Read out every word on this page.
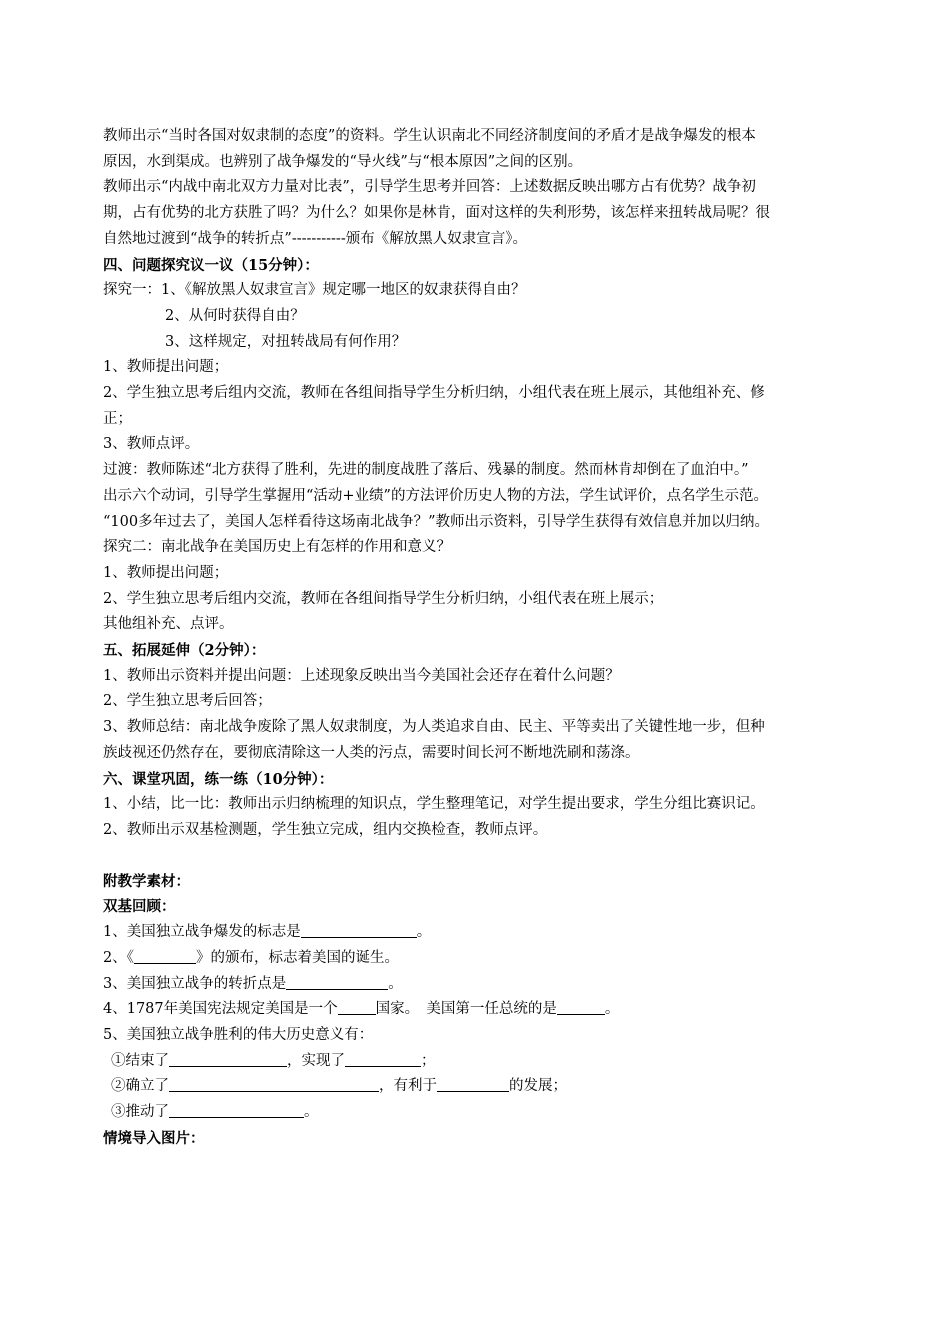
教师出示“当时各国对奴隶制的态度”的资料。学生认识南北不同经济制度间的矛盾才是战争爆发的根本
原因，水到渠成。也辨别了战争爆发的“导火线”与“根本原因”之间的区别。
教师出示“内战中南北双方力量对比表”，引导学生思考并回答：上述数据反映出哪方占有优势？战争初
期，占有优势的北方获胜了吗？为什么？如果你是林肯，面对这样的失利形势，该怎样来扭转战局呢？很
自然地过渡到“战争的转折点”-----------颁布《解放黑人奴隶宣言》。
四、问题探究议一议（15分钟）：
探究一：1、《解放黑人奴隶宣言》规定哪一地区的奴隶获得自由？
2、从何时获得自由？
3、这样规定，对扭转战局有何作用？
1、教师提出问题；
2、学生独立思考后组内交流，教师在各组间指导学生分析归纳，小组代表在班上展示，其他组补充、修
正；
3、教师点评。
过渡：教师陈述“北方获得了胜利，先进的制度战胜了落后、残暴的制度。然而林肯却倒在了血泊中。”
出示六个动词，引导学生掌握用“活动+业绩”的方法评价历史人物的方法，学生试评价，点名学生示范。
“100多年过去了，美国人怎样看待这场南北战争？”教师出示资料，引导学生获得有效信息并加以归纳。
探究二：南北战争在美国历史上有怎样的作用和意义？
1、教师提出问题；
2、学生独立思考后组内交流，教师在各组间指导学生分析归纳，小组代表在班上展示；
其他组补充、点评。
五、拓展延伸（2分钟）：
1、教师出示资料并提出问题：上述现象反映出当今美国社会还存在着什么问题？
2、学生独立思考后回答；
3、教师总结：南北战争废除了黑人奴隶制度，为人类追求自由、民主、平等卖出了关键性地一步，但种
族歧视还仍然存在，要彻底清除这一人类的污点，需要时间长河不断地洗刷和荡涤。
六、课堂巩固，练一练（10分钟）：
1、小结，比一比：教师出示归纳梳理的知识点，学生整理笔记，对学生提出要求，学生分组比赛识记。
2、教师出示双基检测题，学生独立完成，组内交换检查，教师点评。
附教学素材：
双基回顾：
1、美国独立战争爆发的标志是	。
2、《	》的颁布，标志着美国的诞生。
3、美国独立战争的转折点是	。
4、1787年美国宪法规定美国是一个	国家。　美国第一任总统的是	。
5、美国独立战争胜利的伟大历史意义有：
①结束了	，实现了	；
②确立了	，有利于	的发展；
③推动了	。
情境导入图片：
